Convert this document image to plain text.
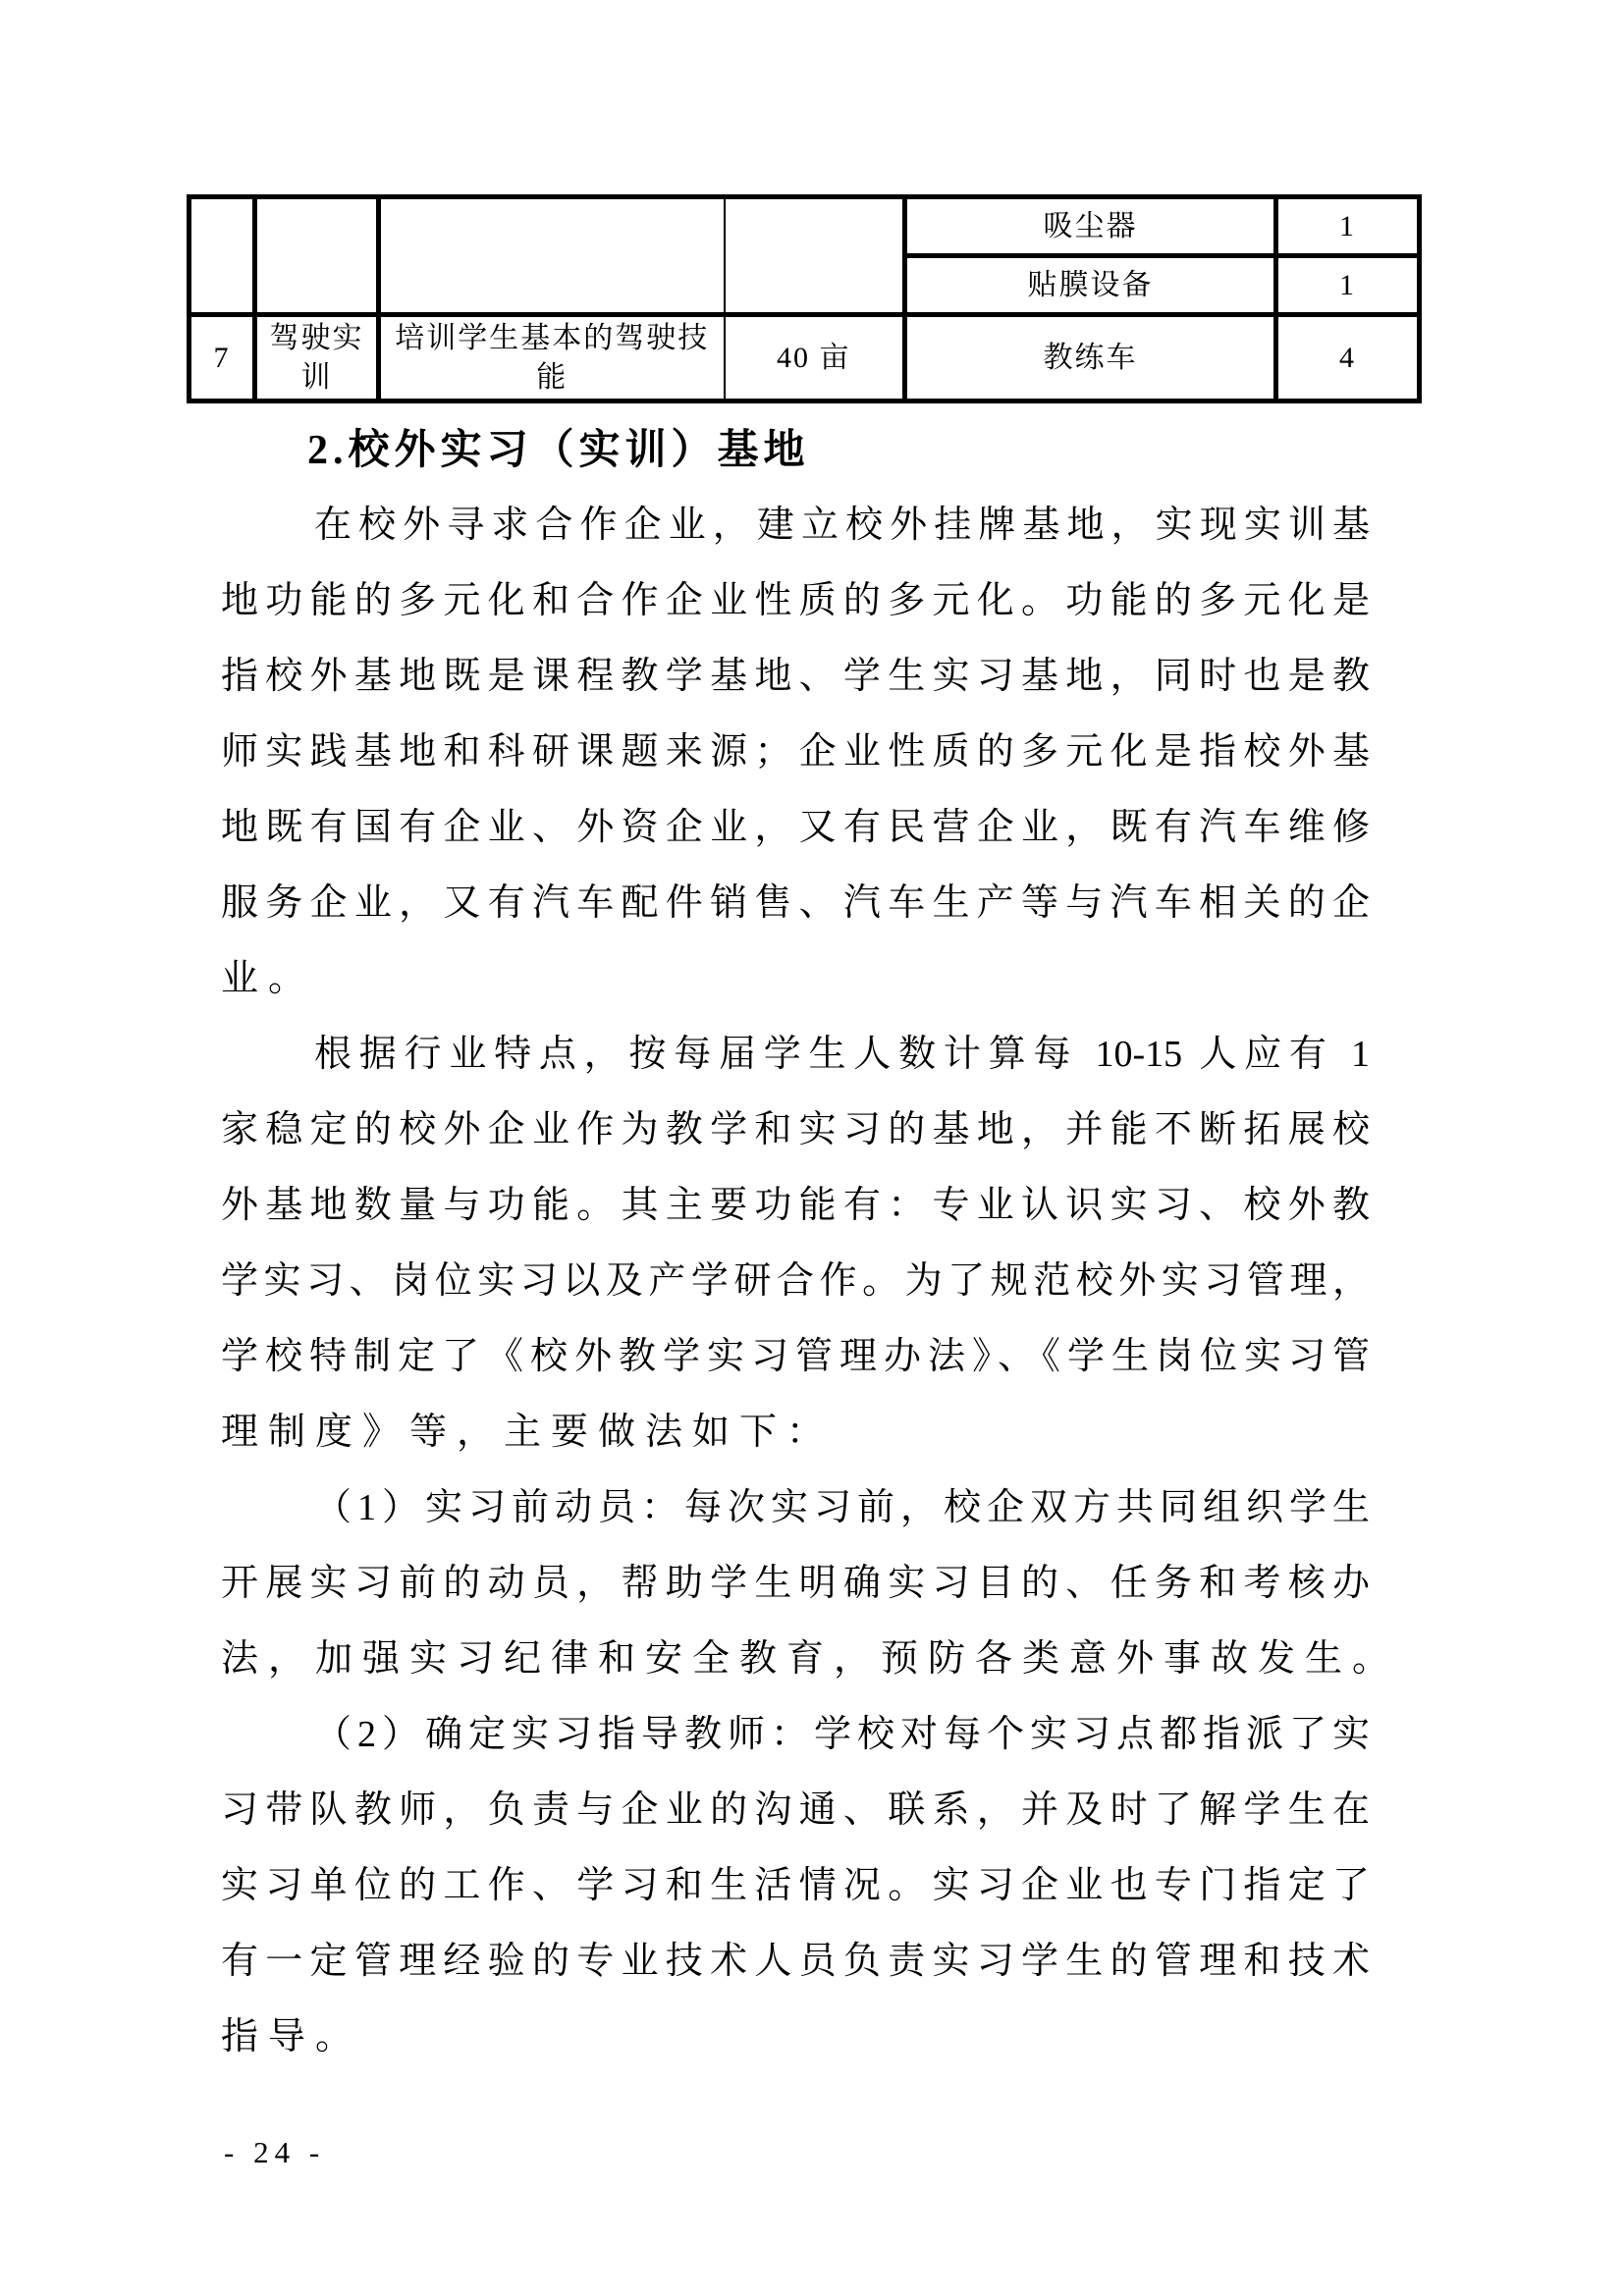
				吸尘器	1
				贴膜设备	1
7	驾驶实训	培训学生基本的驾驶技能	40 亩	教练车	4
2.校外实习（实训）基地
在校外寻求合作企业，建立校外挂牌基地，实现实训基
地功能的多元化和合作企业性质的多元化。功能的多元化是
指校外基地既是课程教学基地、学生实习基地，同时也是教
师实践基地和科研课题来源；企业性质的多元化是指校外基
地既有国有企业、外资企业，又有民营企业，既有汽车维修
服务企业，又有汽车配件销售、汽车生产等与汽车相关的企
业。
根据行业特点，按每届学生人数计算每 10-15 人应有 1
家稳定的校外企业作为教学和实习的基地，并能不断拓展校
外基地数量与功能。其主要功能有：专业认识实习、校外教
学实习、岗位实习以及产学研合作。为了规范校外实习管理，
学校特制定了《校外教学实习管理办法》、《学生岗位实习管
理制度》等，主要做法如下：
（1）实习前动员：每次实习前，校企双方共同组织学生
开展实习前的动员，帮助学生明确实习目的、任务和考核办
法，加强实习纪律和安全教育，预防各类意外事故发生。
（2）确定实习指导教师：学校对每个实习点都指派了实
习带队教师，负责与企业的沟通、联系，并及时了解学生在
实习单位的工作、学习和生活情况。实习企业也专门指定了
有一定管理经验的专业技术人员负责实习学生的管理和技术
指导。
- 24 -
